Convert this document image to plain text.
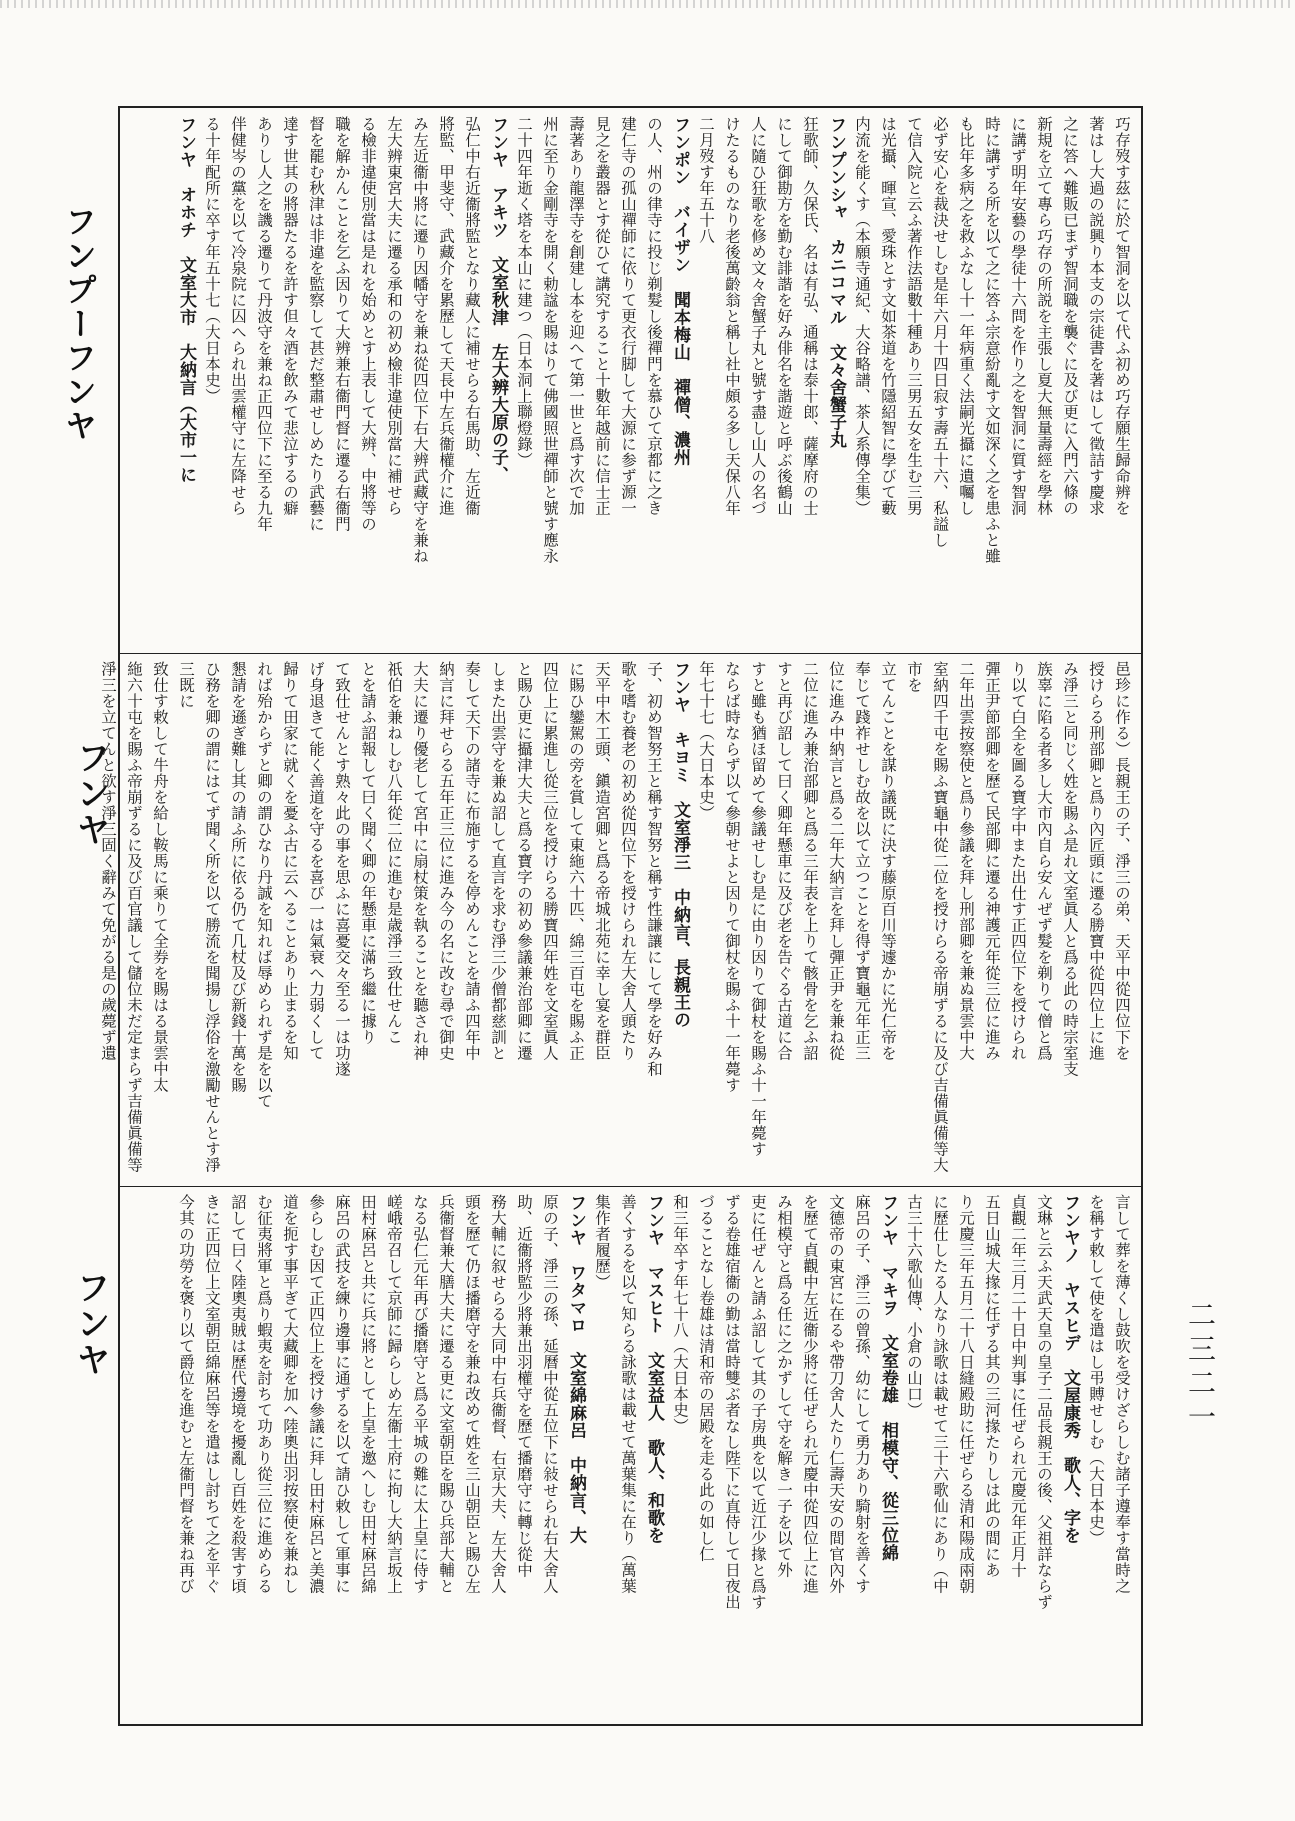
フンプーフンヤ
フンヤ
フンヤ
巧存歿す茲に於て智洞を以て代ふ初め巧存願生歸命辨を
著はし大過の説興り本支の宗徒書を著はして徵詰す慶求
之に答へ難販已まず智洞職を襲ぐに及び更に入門六條の
新規を立て專ら巧存の所説を主張し夏大無量壽經を學林
に講ず明年安藝の學徒十六問を作り之を智洞に質す智洞
時に講ずる所を以て之に答ふ宗意紛亂す文如深く之を患ふと雖
も比年多病之を救ふなし十一年病重く法嗣光攝に遺囑し
必ず安心を裁決せしむ是年六月十四日寂す壽五十六、私謚し
て信入院と云ふ著作法語數十種あり三男五女を生む三男
は光攝、暉宣、愛珠とす文如茶道を竹隱紹智に學びて藪
内流を能くす（本願寺通紀、大谷略譜、茶人系傳全集）
フンプンシャ　カニコマル　文々舍蟹子丸
狂歌師、久保氏、名は有弘、通稱は泰十郎、薩摩府の士
にして御勘方を勤む誹諧を好み俳名を諧遊と呼ぶ後鶴山
人に隨ひ狂歌を修め文々舍蟹子丸と號す盡し山人の名づ
けたるものなり老後萬齡翁と稱し社中頗る多し天保八年
二月歿す年五十八
フンポン　バイザン　聞本梅山　禪僧、濃州
の人、州の律寺に投じ剃髮し後禪門を慕ひて京都に之き
建仁寺の孤山禪師に依りて更衣行脚して大源に参ず源一
見之を叢器とす從ひて講究すること十數年越前に信士正
壽著あり龍澤寺を創建し本を迎へて第一世と爲す次で加
州に至り金剛寺を開く勅諡を賜はりて佛國照世禪師と號す應永
二十四年逝く塔を本山に建つ（日本洞上聯燈錄）
フンヤ　アキツ　文室秋津　左大辨大原の子、
弘仁中右近衞將監となり藏人に補せらる右馬助、左近衞
將監、甲斐守、武藏介を累歷して天長中左兵衞權介に進
み左近衞中將に遷り因幡守を兼ね從四位下右大辨武藏守を兼ね
左大辨東宮大夫に遷る承和の初め檢非違使別當に補せら
る檢非違使別當は是れを始めとす上表して大辨、中將等の
職を解かんことを乞ふ因りて大辨兼右衞門督に遷る右衞門
督を罷む秋津は非違を監察して甚だ整肅せしめたり武藝に
達す世其の將器たるを許す但々酒を飲みて悲泣するの癖
ありし人之を譏る遷りて丹波守を兼ね正四位下に至る九年
伴健岑の黨を以て冷泉院に囚へられ出雲權守に左降せら
る十年配所に卒す年五十七（大日本史）
フンヤ　オホチ　文室大市　大納言（大市一に
邑珍に作る）長親王の子、淨三の弟、天平中從四位下を
授けらる刑部卿と爲り內匠頭に遷る勝寶中從四位上に進
み淨三と同じく姓を賜ふ是れ文室眞人と爲る此の時宗室支
族辜に陷る者多し大市內自ら安んぜず髮を剃りて僧と爲
り以て白全を圖る寶字中また出仕す正四位下を授けられ
彈正尹節部卿を歷て民部卿に遷る神護元年從三位に進み
二年出雲按察使と爲り參議を拜し刑部卿を兼ぬ景雲中大
室納四千屯を賜ふ寶龜中從二位を授けらる帝崩ずるに及び吉備眞備等大市を
立てんことを謀り議既に決す藤原百川等遽かに光仁帝を
奉じて踐祚せしむ故を以て立つことを得ず寶龜元年正三
位に進み中納言と爲る二年大納言を拜し彈正尹を兼ね從
二位に進み兼治部卿と爲る三年表を上りて骸骨を乞ふ詔
すと再び詔して曰く卿年懸車に及び老を告ぐる古道に合
すと雖も猶ほ留めて參議せしむ是に由り因りて御杖を賜ふ十一年薨す
ならば時ならず以て參朝せよと因りて御杖を賜ふ十一年薨す
年七十七（大日本史）
フンヤ　キヨミ　文室淨三　中納言、長親王の
子、初め智努王と稱す智努と稱す性謙讓にして學を好み和
歌を嗜む養老の初め從四位下を授けられ左大舍人頭たり
天平中木工頭、鎭造宮卿と爲る帝城北苑に幸し宴を群臣
に賜ひ鑾駕の旁を賞して東絁六十匹、綿三百屯を賜ふ正
四位上に累進し從三位を授けらる勝寶四年姓を文室眞人
と賜ひ更に攝津大夫と爲る寶字の初め參議兼治部卿に遷
しまた出雲守を兼ぬ詔して直言を求む淨三少僧都慈訓と
奏して天下の諸寺に布施するを停めんことを請ふ四年中
納言に拜せらる五年正三位に進み今の名に改む尋で御史
大夫に遷り優老して宮中に扇杖策を執ることを聽され神
祇伯を兼ねしむ八年從二位に進む是歳淨三致仕せんこ
とを請ふ詔報して曰く聞く卿の年懸車に滿ち繼に據り
て致仕せんとす熟々此の事を思ふに喜憂交々至る一は功遂
げ身退きて能く善道を守るを喜び一は氣衰へ力弱くして
歸りて田家に就くを憂ふ古に云へることあり止まるを知
れば殆からずと卿の謂ひなり丹誠を知れば辱められず是を以て
懇請を遜ぎ難し其の請ふ所に依る仍て几杖及び新錢十萬を賜
ひ務を卿の謂にはてず聞く所を以て勝流を聞揚し浮俗を激勵せんとす淨三既に
致仕す敕して牛舟を給し鞍馬に乘りて全券を賜はる景雲中太
絁六十屯を賜ふ帝崩ずるに及び百官議して儲位未だ定まらず吉備眞備等
淨三を立てんと欲す淨三固く辭みて免がる是の歲薨ず遺
言して葬を薄くし鼓吹を受けざらしむ諸子遵奉す當時之
を稱す敕して使を遣はし弔賻せしむ（大日本史）
フンヤノ　ヤスヒデ　文屋康秀　歌人、字を
文琳と云ふ天武天皇の皇子二品長親王の後、父祖詳ならず
貞觀二年三月二十日中判事に任ぜられ元慶元年正月十
五日山城大掾に任ずる其の三河掾たりしは此の間にあ
り元慶三年五月二十八日縫殿助に任ぜらる清和陽成兩朝
に歷仕したる人なり詠歌は載せて三十六歌仙にあり（中
古三十六歌仙傳、小倉の山口）
フンヤ　マキヲ　文室卷雄　相模守、從三位綿
麻呂の子、淨三の曾孫、幼にして勇力あり騎射を善くす
文德帝の東宮に在るや帶刀舍人たり仁壽天安の間官內外
を歷て貞觀中左近衞少將に任ぜられ元慶中從四位上に進
み相模守と爲る任に之かずして守を解き一子を以て外
吏に任ぜんと請ふ詔して其の子房典を以て近江少掾と爲す
ずる卷雄宿衞の勤は當時雙ぶ者なし陛下に直侍して日夜出
づることなし卷雄は清和帝の居殿を走る此の如し仁
和三年卒す年七十八（大日本史）
フンヤ　マスヒト　文室益人　歌人、和歌を
善くするを以て知らる詠歌は載せて萬葉集に在り（萬葉
集作者履歷）
フンヤ　ワタマロ　文室綿麻呂　中納言、大
原の子、淨三の孫、延曆中從五位下に敍せられ右大舍人
助、近衞將監少將兼出羽權守を歷て播磨守に轉じ從中
務大輔に叙せらる大同中右兵衞督、右京大夫、左大舍人
頭を歷て仍ほ播磨守を兼ね改めて姓を三山朝臣と賜ひ左
兵衞督兼大膳大夫に遷る更に文室朝臣を賜ひ兵部大輔と
なる弘仁元年再び播磨守と爲る平城の難に太上皇に侍す
嵯峨帝召して京師に歸らしめ左衞士府に拘し大納言坂上
田村麻呂と共に兵に將として上皇を邀へしむ田村麻呂綿
麻呂の武技を練り邊事に通ずるを以て請ひ敕して軍事に
參らしむ因て正四位上を授け參議に拜し田村麻呂と美濃
道を扼す事平ぎて大藏卿を加へ陸奧出羽按察使を兼ねし
む征夷將軍と爲り蝦夷を討ちて功あり從三位に進めらる
詔して曰く陸奧夷賊は歷代邊境を擾亂し百姓を殺害す頃
きに正四位上文室朝臣綿麻呂等を遣はし討ちて之を平ぐ
今其の功勞を褒り以て爵位を進むと左衞門督を兼ね再び	二三二一
